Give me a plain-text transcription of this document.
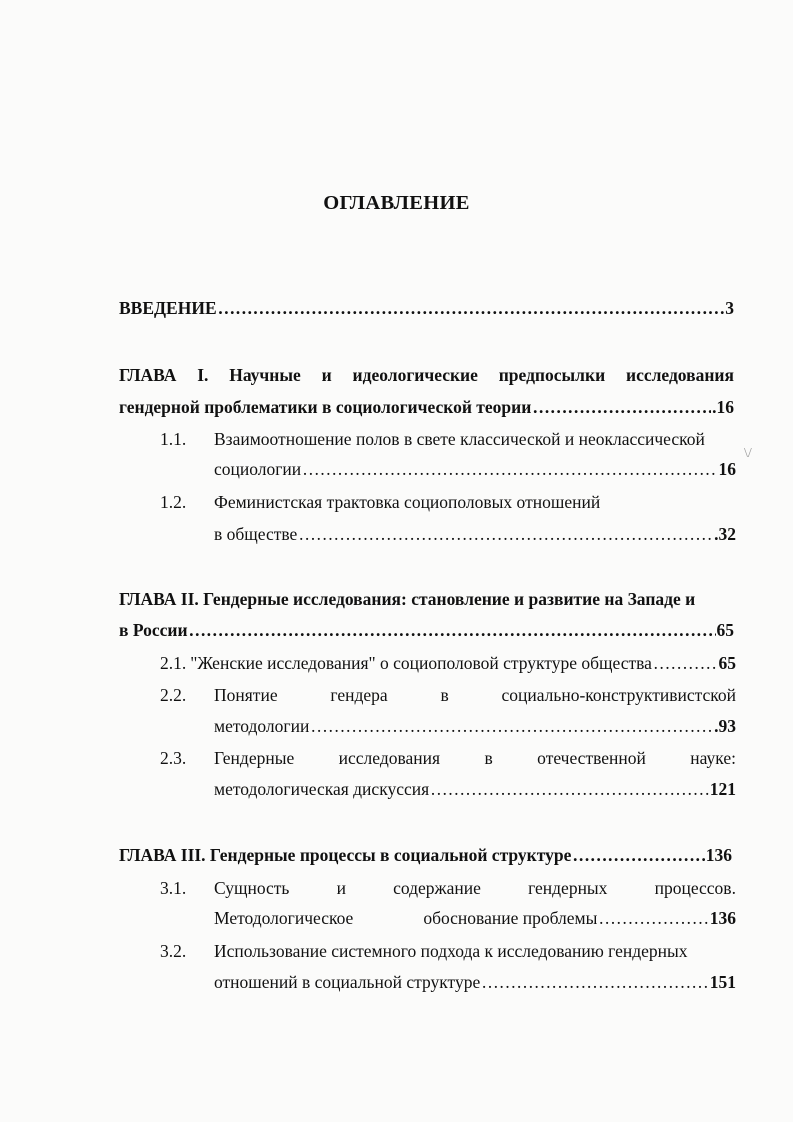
ОГЛАВЛЕНИЕ
ВВЕДЕНИЕ ……………………………………………………………………………………………………………………………………………………………………………………………	3
ГЛАВА I. Научные и идеологические предпосылки исследования
гендерной проблематики в социологической теории ……………………………………………………………………………………………………………………………………………………………………………………………	.16
1.1.	Взаимоотношение полов в свете классической и неоклассической
социологии ……………………………………………………………………………………………………………………………………………………………………………………………	16
\/
1.2.	Феминистская трактовка социополовых отношений
в обществе ……………………………………………………………………………………………………………………………………………………………………………………………	.32
ГЛАВА II. Гендерные исследования: становление и развитие на Западе и
в России ……………………………………………………………………………………………………………………………………………………………………………………………	65
2.1. "Женские исследования" о социополовой структуре общества ……………………………………………………………………………………………………………………………………………………………………………………………	65
2.2.	Понятие	гендера	в	социально-конструктивистской
методологии ……………………………………………………………………………………………………………………………………………………………………………………………	.93
2.3.	Гендерные	исследования	в	отечественной	науке:
методологическая дискуссия ……………………………………………………………………………………………………………………………………………………………………………………………	121
ГЛАВА III. Гендерные процессы в социальной структуре ……………………………………………………………………………………………………………………………………………………………………………………………	136
3.1.	Сущность	и	содержание	гендерных	процессов.
Методологическое	обоснование проблемы ……………………………………………………………………………………………………………………………………………………………………………………………	136
3.2.	Использование системного подхода к исследованию гендерных
отношений в социальной структуре ……………………………………………………………………………………………………………………………………………………………………………………………	151
